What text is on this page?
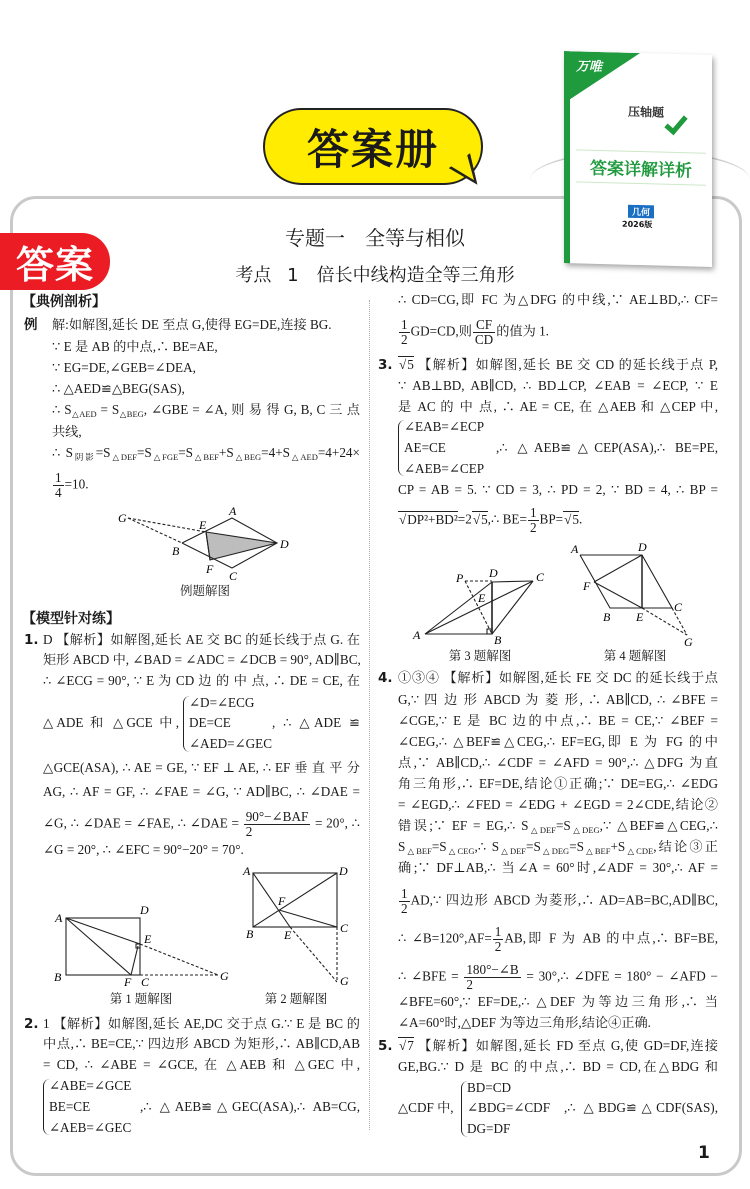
答案册
万唯
压轴题
答案详解详析
几何
2026版
答案
专题一　全等与相似
考点 1　倍长中线构造全等三角形
【典例剖析】
例 解:如解图,延长 DE 至点 G,使得 EG=DE,连接 BG.
∵ E 是 AB 的中点,∴ BE=AE,
∵ EG=DE,∠GEB=∠DEA,
∴ △AED≌△BEG(SAS),
∴ $S_{\triangle AED} = S_{\triangle BEG}$, ∠GBE = ∠A, 则 易 得 G, B, C 三 点
共线,
∴ $S_{阴影}=S_{\triangle DEF}=S_{\triangle FGE}=S_{\triangle BEF}+S_{\triangle BEG}=4+S_{\triangle AED}=4+24\times$
$\frac{1}{4} =10$.
G	A
E
D
B
F C
A
D
E
B	F C	G
A	D
F
B	E	C
G
P D	C
E
A	B
A	D
F
B E
C
G
例题解图
【模型针对练】
1. D 【解析】如解图,延长 AE 交 BC 的延长线于点 G. 在
矩形 ABCD 中, ∠BAD = ∠ADC = ∠DCB = 90°, AD∥BC,
∴ ∠ECG = 90°, ∵ E 为 CD 边 的 中 点, ∴ DE = CE, 在
△ADE 和 △GCE 中,
∠D=∠ECG
DE=CE
∠AED=∠GEC
, ∴ △ADE ≌
△GCE(ASA), ∴ AE = GE, ∵ EF ⊥ AE, ∴ EF 垂 直 平 分
AG, ∴ AF = GF, ∴ ∠FAE = ∠G, ∵ AD∥BC, ∴ ∠DAE =
∠G, ∴ ∠DAE = ∠FAE, ∴ ∠DAE = $\frac{\text{90°−∠BAF}}{2} = 20^\circ$, ∴
∠G = 20°, ∴ ∠EFC = 90°−20° = 70°.
第 1 题解图	第 2 题解图
2. 1 【解析】如解图,延长 AE,DC 交于点 G.∵ E 是 BC 的
中点,∴ BE=CE,∵ 四边形 ABCD 为矩形,∴ AB∥CD,AB
= CD, ∴ ∠ABE = ∠GCE, 在 △AEB 和 △GEC 中,
∠ABE=∠GCE
BE=CE
∠AEB=∠GEC
,∴ △AEB≌△GEC(ASA),∴ AB=CG,
∴ CD=CG,即 FC 为△DFG 的中线,∵ AE⊥BD,∴ CF=
$\frac{1}{2} GD=CD$,则 $\frac{CF}{CD}$ 的值为 1.
3.	√ 5 【解析】如解图,延长 BE 交 CD 的延长线于点 P,
∵ AB⊥BD, AB∥CD, ∴ BD⊥CP, ∠EAB = ∠ECP, ∵ E
是 AC 的 中 点, ∴ AE = CE, 在 △AEB 和 △CEP 中,
∠EAB=∠ECP
AE=CE
∠AEB=∠CEP
,∴ △AEB≌△CEP(ASA),∴ BE=PE,
CP = AB = 5. ∵ CD = 3, ∴ PD = 2, ∵ BD = 4, ∴ BP =
√ DP²+BD²=2 √ 5,∴ $BE= \frac{1}{2} BP=$ √ 5.
第 3 题解图	第 4 题解图
4. ①③④ 【解析】如解图,延长 FE 交 DC 的延长线于点
G,∵ 四 边 形 ABCD 为 菱 形, ∴ AB∥CD, ∴ ∠BFE =
∠CGE,∵ E 是 BC 边的中点,∴ BE = CE,∵ ∠BEF =
∠CEG,∴ △BEF≌△CEG,∴ EF=EG,即 E 为 FG 的中
点,∵ AB∥CD,∴ ∠CDF = ∠AFD = 90°,∴ △DFG 为直
角三角形,∴ EF=DE,结论①正确;∵ DE=EG,∴ ∠EDG
= ∠EGD,∴ ∠FED = ∠EDG + ∠EGD = 2∠CDE,结论②
错误;∵ EF = EG,∴ $S_{\triangle DEF}=S_{\triangle DEG},\because$ △BEF≌△CEG,∴
$S_{\triangle BEF}=S_{\triangle CEG},\therefore$ $S_{\triangle DEF}=S_{\triangle DEG}=S_{\triangle BEF}+S_{\triangle CDE}$,结论③正
确;∵ DF⊥AB,∴ 当∠A = 60°时,∠ADF = 30°,∴ AF =
$\frac{1}{2}$ AD,∵ 四边形 ABCD 为菱形,∴ AD=AB=BC,AD∥BC,
∴ ∠B=120°,AF= $\frac{1}{2}$ AB,即 F 为 AB 的中点,∴ BF=BE,
∴ ∠BFE = $\frac{180^\circ-\angle B}{2}$ = 30°,∴ ∠DFE = 180° − ∠AFD −
∠BFE=60°,∵ EF=DE,∴ △DEF 为等边三角形,∴ 当
∠A=60°时,△DEF 为等边三角形,结论④正确.
5.	√ 7 【解析】如解图,延长 FD 至点 G,使 GD=DF,连接
GE,BG.∵ D 是 BC 的中点,∴ BD = CD,在△BDG 和
△CDF 中,
BD=CD
∠BDG=∠CDF
DG=DF
,∴ △BDG≌△CDF(SAS),
1
